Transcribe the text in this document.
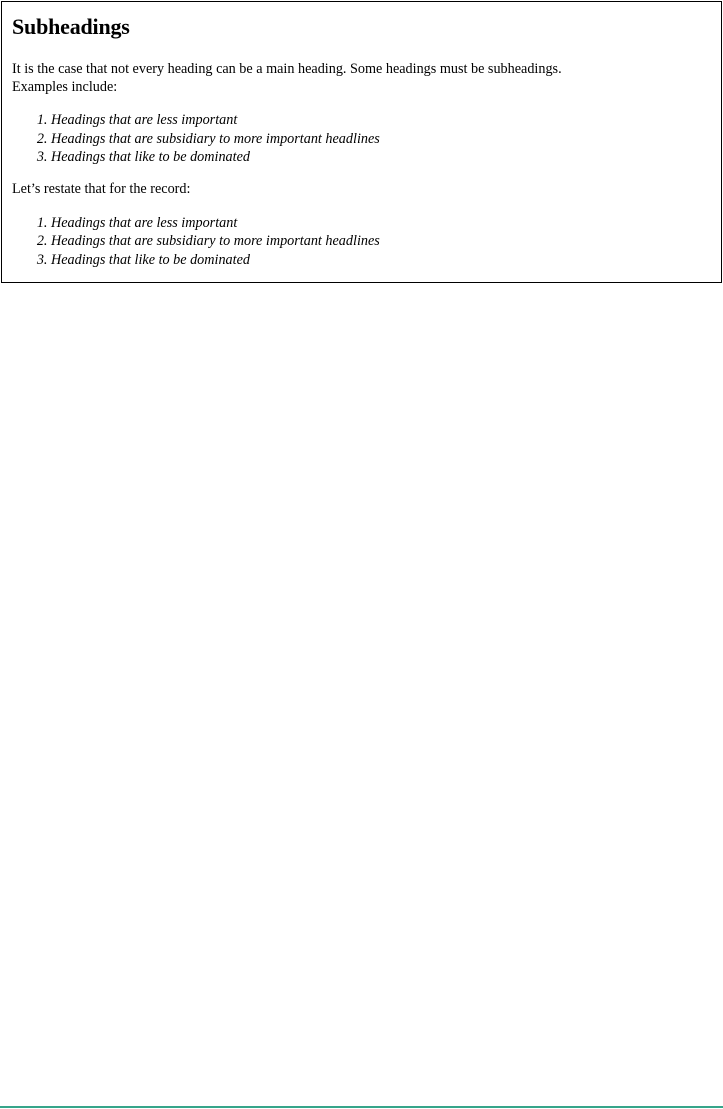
Subheadings

It is the case that not every heading can be a main heading. Some headings must be subheadings. Examples include:

1. Headings that are less important
2. Headings that are subsidiary to more important headlines
3. Headings that like to be dominated

Let’s restate that for the record:

1. Headings that are less important
2. Headings that are subsidiary to more important headlines
3. Headings that like to be dominated
